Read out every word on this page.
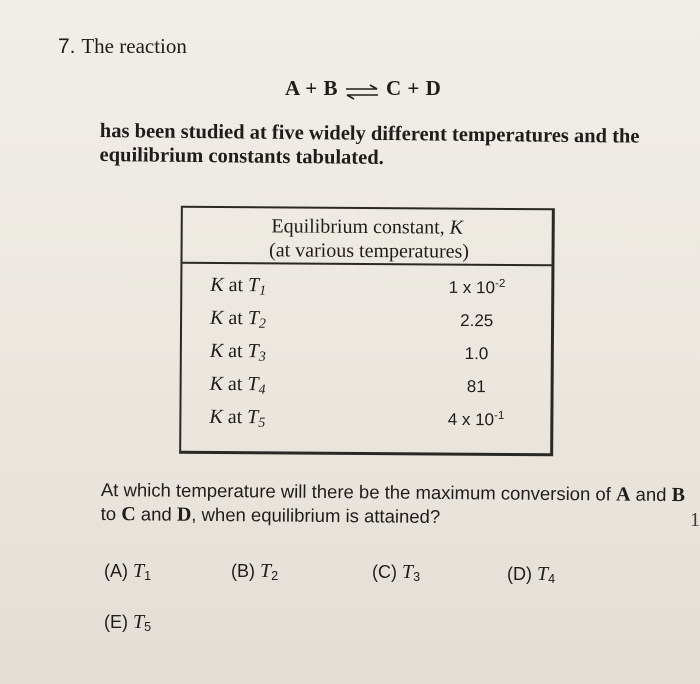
7. The reaction
A + B ⇌ C + D
has been studied at five widely different temperatures and the equilibrium constants tabulated.
Equilibrium constant, K
(at various temperatures)
K at $T_1$	1 x $10^{-2}$
K at $T_2$	2.25
K at $T_3$	1.0
K at $T_4$	81
K at $T_5$	4 x $10^{-1}$
At which temperature will there be the maximum conversion of A and B to C and D, when equilibrium is attained?
(A) $T_1$	(B) $T_2$	(C) $T_3$	(D) $T_4$
(E) $T_5$
1
